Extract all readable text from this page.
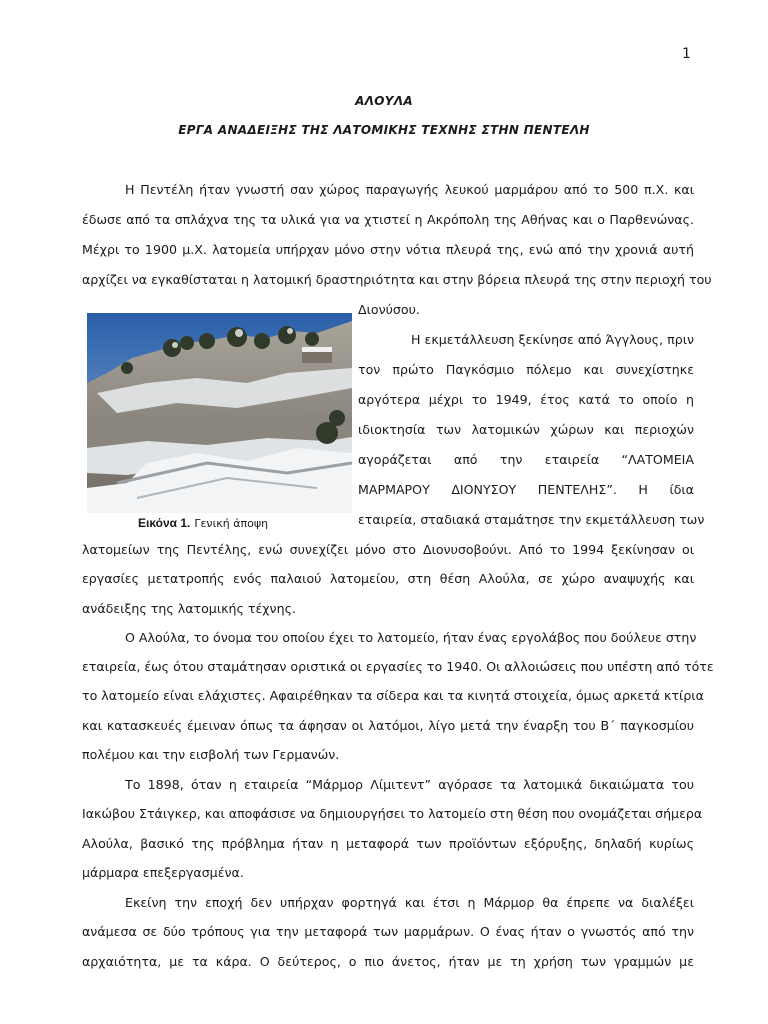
1
ΑΛΟΥΛΑ
ΕΡΓΑ ΑΝΑΔΕΙΞΗΣ ΤΗΣ ΛΑΤΟΜΙΚΗΣ ΤΕΧΝΗΣ ΣΤΗΝ ΠΕΝΤΕΛΗ
Η Πεντέλη ήταν γνωστή σαν χώρος παραγωγής λευκού μαρμάρου από το 500 π.Χ. και
έδωσε από τα σπλάχνα της τα υλικά για να χτιστεί η Ακρόπολη της Αθήνας και ο Παρθενώνας.
Μέχρι το 1900 μ.Χ. λατομεία υπήρχαν μόνο στην νότια πλευρά της, ενώ από την χρονιά αυτή
αρχίζει να εγκαθίσταται η λατομική δραστηριότητα και στην βόρεια πλευρά της στην περιοχή του
Διονύσου.
Εικόνα 1. Γενική άποψη
Η εκμετάλλευση ξεκίνησε από Άγγλους, πριν
τον πρώτο Παγκόσμιο πόλεμο και συνεχίστηκε
αργότερα μέχρι το 1949, έτος κατά το οποίο η
ιδιοκτησία των λατομικών χώρων και περιοχών
αγοράζεται από την εταιρεία “ΛΑΤΟΜΕΙΑ
ΜΑΡΜΑΡΟΥ ΔΙΟΝΥΣΟΥ ΠΕΝΤΕΛΗΣ”. Η ίδια
εταιρεία, σταδιακά σταμάτησε την εκμετάλλευση των
λατομείων της Πεντέλης, ενώ συνεχίζει μόνο στο Διονυσοβούνι. Από το 1994 ξεκίνησαν οι
εργασίες μετατροπής ενός παλαιού λατομείου, στη θέση Αλούλα, σε χώρο αναψυχής και
ανάδειξης της λατομικής τέχνης.
Ο Αλούλα, το όνομα του οποίου έχει το λατομείο, ήταν ένας εργολάβος που δούλευε στην
εταιρεία, έως ότου σταμάτησαν οριστικά οι εργασίες το 1940. Οι αλλοιώσεις που υπέστη από τότε
το λατομείο είναι ελάχιστες. Αφαιρέθηκαν τα σίδερα και τα κινητά στοιχεία, όμως αρκετά κτίρια
και κατασκευές έμειναν όπως τα άφησαν οι λατόμοι, λίγο μετά την έναρξη του Β΄ παγκοσμίου
πολέμου και την εισβολή των Γερμανών.
Το 1898, όταν η εταιρεία “Μάρμορ Λίμιτεντ” αγόρασε τα λατομικά δικαιώματα του
Ιακώβου Στάιγκερ, και αποφάσισε να δημιουργήσει το λατομείο στη θέση που ονομάζεται σήμερα
Αλούλα, βασικό της πρόβλημα ήταν η μεταφορά των προϊόντων εξόρυξης, δηλαδή κυρίως
μάρμαρα επεξεργασμένα.
Εκείνη την εποχή δεν υπήρχαν φορτηγά και έτσι η Μάρμορ θα έπρεπε να διαλέξει
ανάμεσα σε δύο τρόπους για την μεταφορά των μαρμάρων. Ο ένας ήταν ο γνωστός από την
αρχαιότητα, με τα κάρα. Ο δεύτερος, ο πιο άνετος, ήταν με τη χρήση των γραμμών με
